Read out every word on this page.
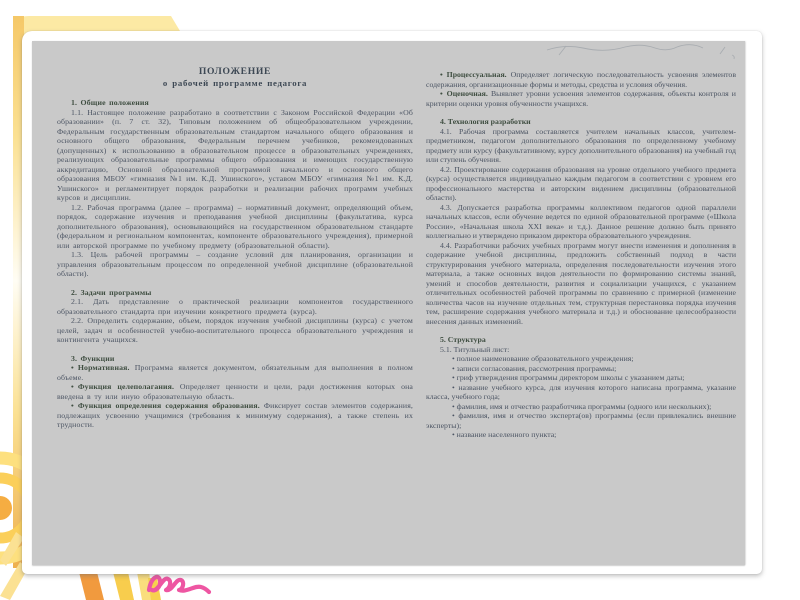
ПОЛОЖЕНИЕ
о рабочей программе педагога

1. Общие положения

1.1. Настоящее положение разработано в соответствии с Законом Российской Федерации «Об образовании» (п. 7 ст. 32), Типовым положением об общеобразовательном учреждении, Федеральным государственным образовательным стандартом начального общего образования и основного общего образования, Федеральным перечнем учебников, рекомендованных (допущенных) к использованию в образовательном процессе в образовательных учреждениях, реализующих образовательные программы общего образования и имеющих государственную аккредитацию, Основной образовательной программой начального и основного общего образования МБОУ «гимназия №1 им. К.Д. Ушинского», уставом МБОУ «гимназия №1 им. К.Д. Ушинского» и регламентирует порядок разработки и реализации рабочих программ учебных курсов и дисциплин.

1.2. Рабочая программа (далее – программа) – нормативный документ, определяющий объем, порядок, содержание изучения и преподавания учебной дисциплины (факультатива, курса дополнительного образования), основывающийся на государственном образовательном стандарте (федеральном и региональном компонентах, компоненте образовательного учреждения), примерной или авторской программе по учебному предмету (образовательной области).

1.3. Цель рабочей программы – создание условий для планирования, организации и управления образовательным процессом по определенной учебной дисциплине (образовательной области).

2. Задачи программы

2.1. Дать представление о практической реализации компонентов государственного образовательного стандарта при изучении конкретного предмета (курса).

2.2. Определить содержание, объем, порядок изучения учебной дисциплины (курса) с учетом целей, задач и особенностей учебно-воспитательного процесса образовательного учреждения и контингента учащихся.

3. Функции

• Нормативная. Программа является документом, обязательным для выполнения в полном объеме.

• Функция целеполагания. Определяет ценности и цели, ради достижения которых она введена в ту или иную образовательную область.

• Функция определения содержания образования. Фиксирует состав элементов содержания, подлежащих усвоению учащимися (требования к минимуму содержания), а также степень их трудности.

• Процессуальная. Определяет логическую последовательность усвоения элементов содержания, организационные формы и методы, средства и условия обучения.

• Оценочная. Выявляет уровни усвоения элементов содержания, объекты контроля и критерии оценки уровня обученности учащихся.

4. Технология разработки

4.1. Рабочая программа составляется учителем начальных классов, учителем-предметником, педагогом дополнительного образования по определенному учебному предмету или курсу (факультативному, курсу дополнительного образования) на учебный год или ступень обучения.

4.2. Проектирование содержания образования на уровне отдельного учебного предмета (курса) осуществляется индивидуально каждым педагогом в соответствии с уровнем его профессионального мастерства и авторским видением дисциплины (образовательной области).

4.3. Допускается разработка программы коллективом педагогов одной параллели начальных классов, если обучение ведется по единой образовательной программе («Школа России», «Начальная школа XXI века» и т.д.). Данное решение должно быть принято коллегиально и утверждено приказом директора образовательного учреждения.

4.4. Разработчики рабочих учебных программ могут внести изменения и дополнения в содержание учебной дисциплины, предложить собственный подход в части структурирования учебного материала, определения последовательности изучения этого материала, а также основных видов деятельности по формированию системы знаний, умений и способов деятельности, развития и социализации учащихся, с указанием отличительных особенностей рабочей программы по сравнению с примерной (изменение количества часов на изучение отдельных тем, структурная перестановка порядка изучения тем, расширение содержания учебного материала и т.д.) и обоснование целесообразности внесения данных изменений.

5. Структура

5.1. Титульный лист:

• полное наименование образовательного учреждения;

• записи согласования, рассмотрения программы;

• гриф утверждения программы директором школы с указанием даты;

• название учебного курса, для изучения которого написана программа, указание класса, учебного года;

• фамилия, имя и отчество разработчика программы (одного или нескольких);

• фамилия, имя и отчество эксперта(ов) программы (если привлекались внешние эксперты);

• название населенного пункта;
